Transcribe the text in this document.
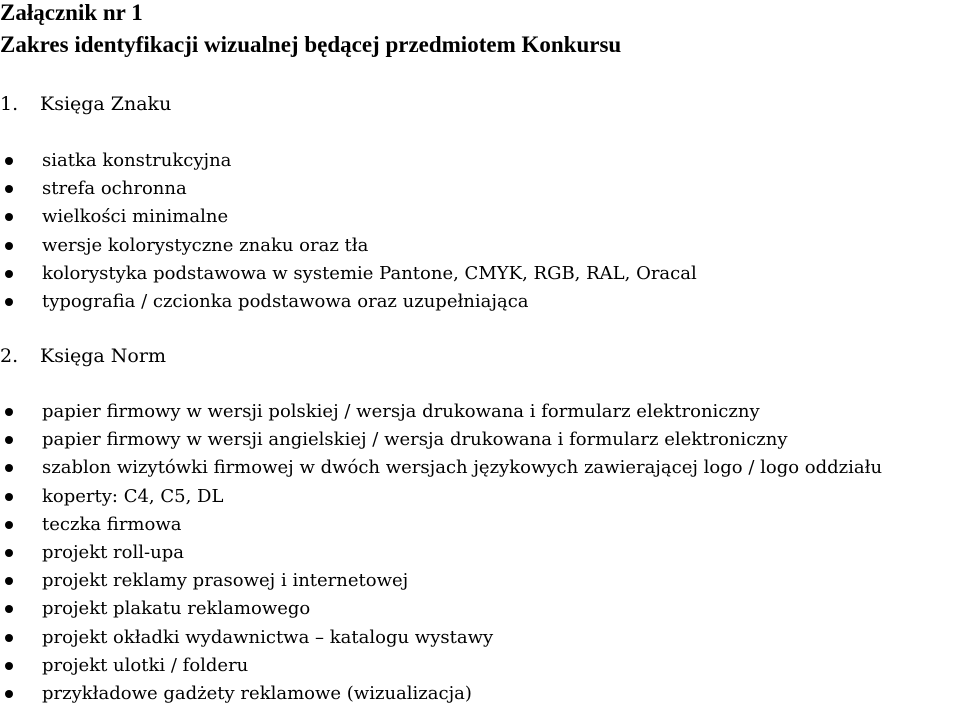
Załącznik nr 1
Zakres identyfikacji wizualnej będącej przedmiotem Konkursu
1. Księga Znaku
siatka konstrukcyjna
strefa ochronna
wielkości minimalne
wersje kolorystyczne znaku oraz tła
kolorystyka podstawowa w systemie Pantone, CMYK, RGB, RAL, Oracal
typografia / czcionka podstawowa oraz uzupełniająca
2. Księga Norm
papier firmowy w wersji polskiej / wersja drukowana i formularz elektroniczny
papier firmowy w wersji angielskiej / wersja drukowana i formularz elektroniczny
szablon wizytówki firmowej w dwóch wersjach językowych zawierającej logo / logo oddziału
koperty: C4, C5, DL
teczka firmowa
projekt roll-upa
projekt reklamy prasowej i internetowej
projekt plakatu reklamowego
projekt okładki wydawnictwa – katalogu wystawy
projekt ulotki / folderu
przykładowe gadżety reklamowe (wizualizacja)
